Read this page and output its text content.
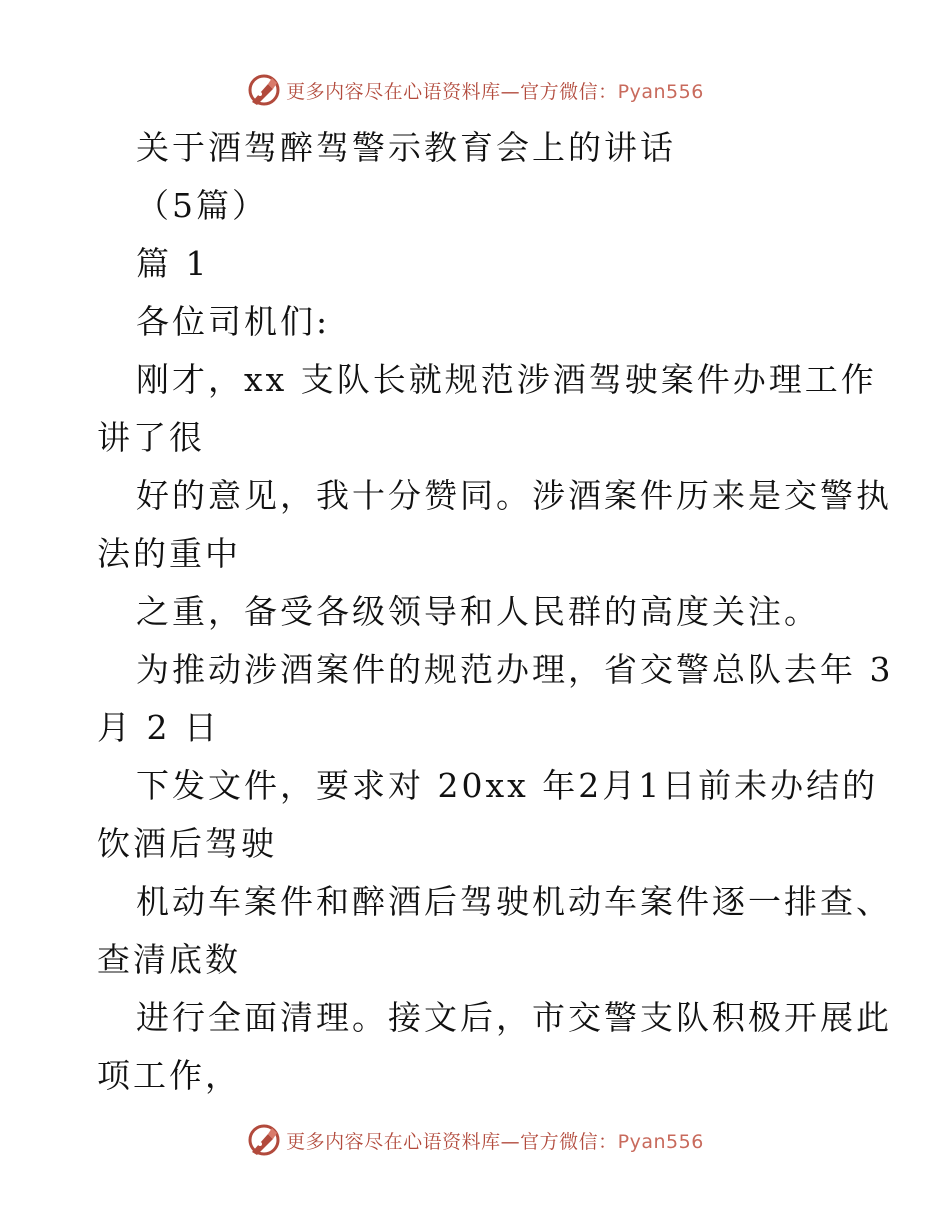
更多内容尽在心语资料库—官方微信：Pyan556
关于酒驾醉驾警示教育会上的讲话
（5篇）
篇 1
各位司机们:
刚才，xx 支队长就规范涉酒驾驶案件办理工作
讲了很
好的意见，我十分赞同。涉酒案件历来是交警执
法的重中
之重，备受各级领导和人民群的高度关注。
为推动涉酒案件的规范办理，省交警总队去年 3
月 2 日
下发文件，要求对 20xx 年2月1日前未办结的
饮酒后驾驶
机动车案件和醉酒后驾驶机动车案件逐一排查、
查清底数
进行全面清理。接文后，市交警支队积极开展此
项工作，
更多内容尽在心语资料库—官方微信：Pyan556
